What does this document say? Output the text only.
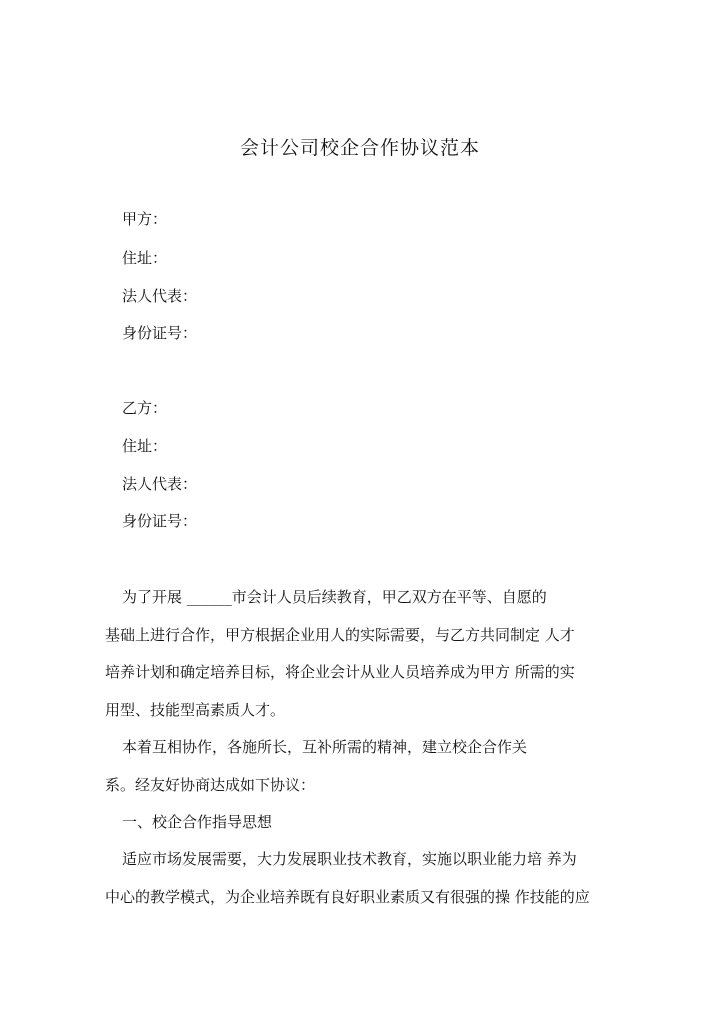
会计公司校企合作协议范本
甲方：
住址：
法人代表：
身份证号：
乙方：
住址：
法人代表：
身份证号：
为了开展 ______市会计人员后续教育，甲乙双方在平等、自愿的
基础上进行合作，甲方根据企业用人的实际需要，与乙方共同制定 人才
培养计划和确定培养目标，将企业会计从业人员培养成为甲方 所需的实
用型、技能型高素质人才。
本着互相协作，各施所长，互补所需的精神，建立校企合作关
系。经友好协商达成如下协议：
一、校企合作指导思想
适应市场发展需要，大力发展职业技术教育，实施以职业能力培 养为
中心的教学模式，为企业培养既有良好职业素质又有很强的操 作技能的应
